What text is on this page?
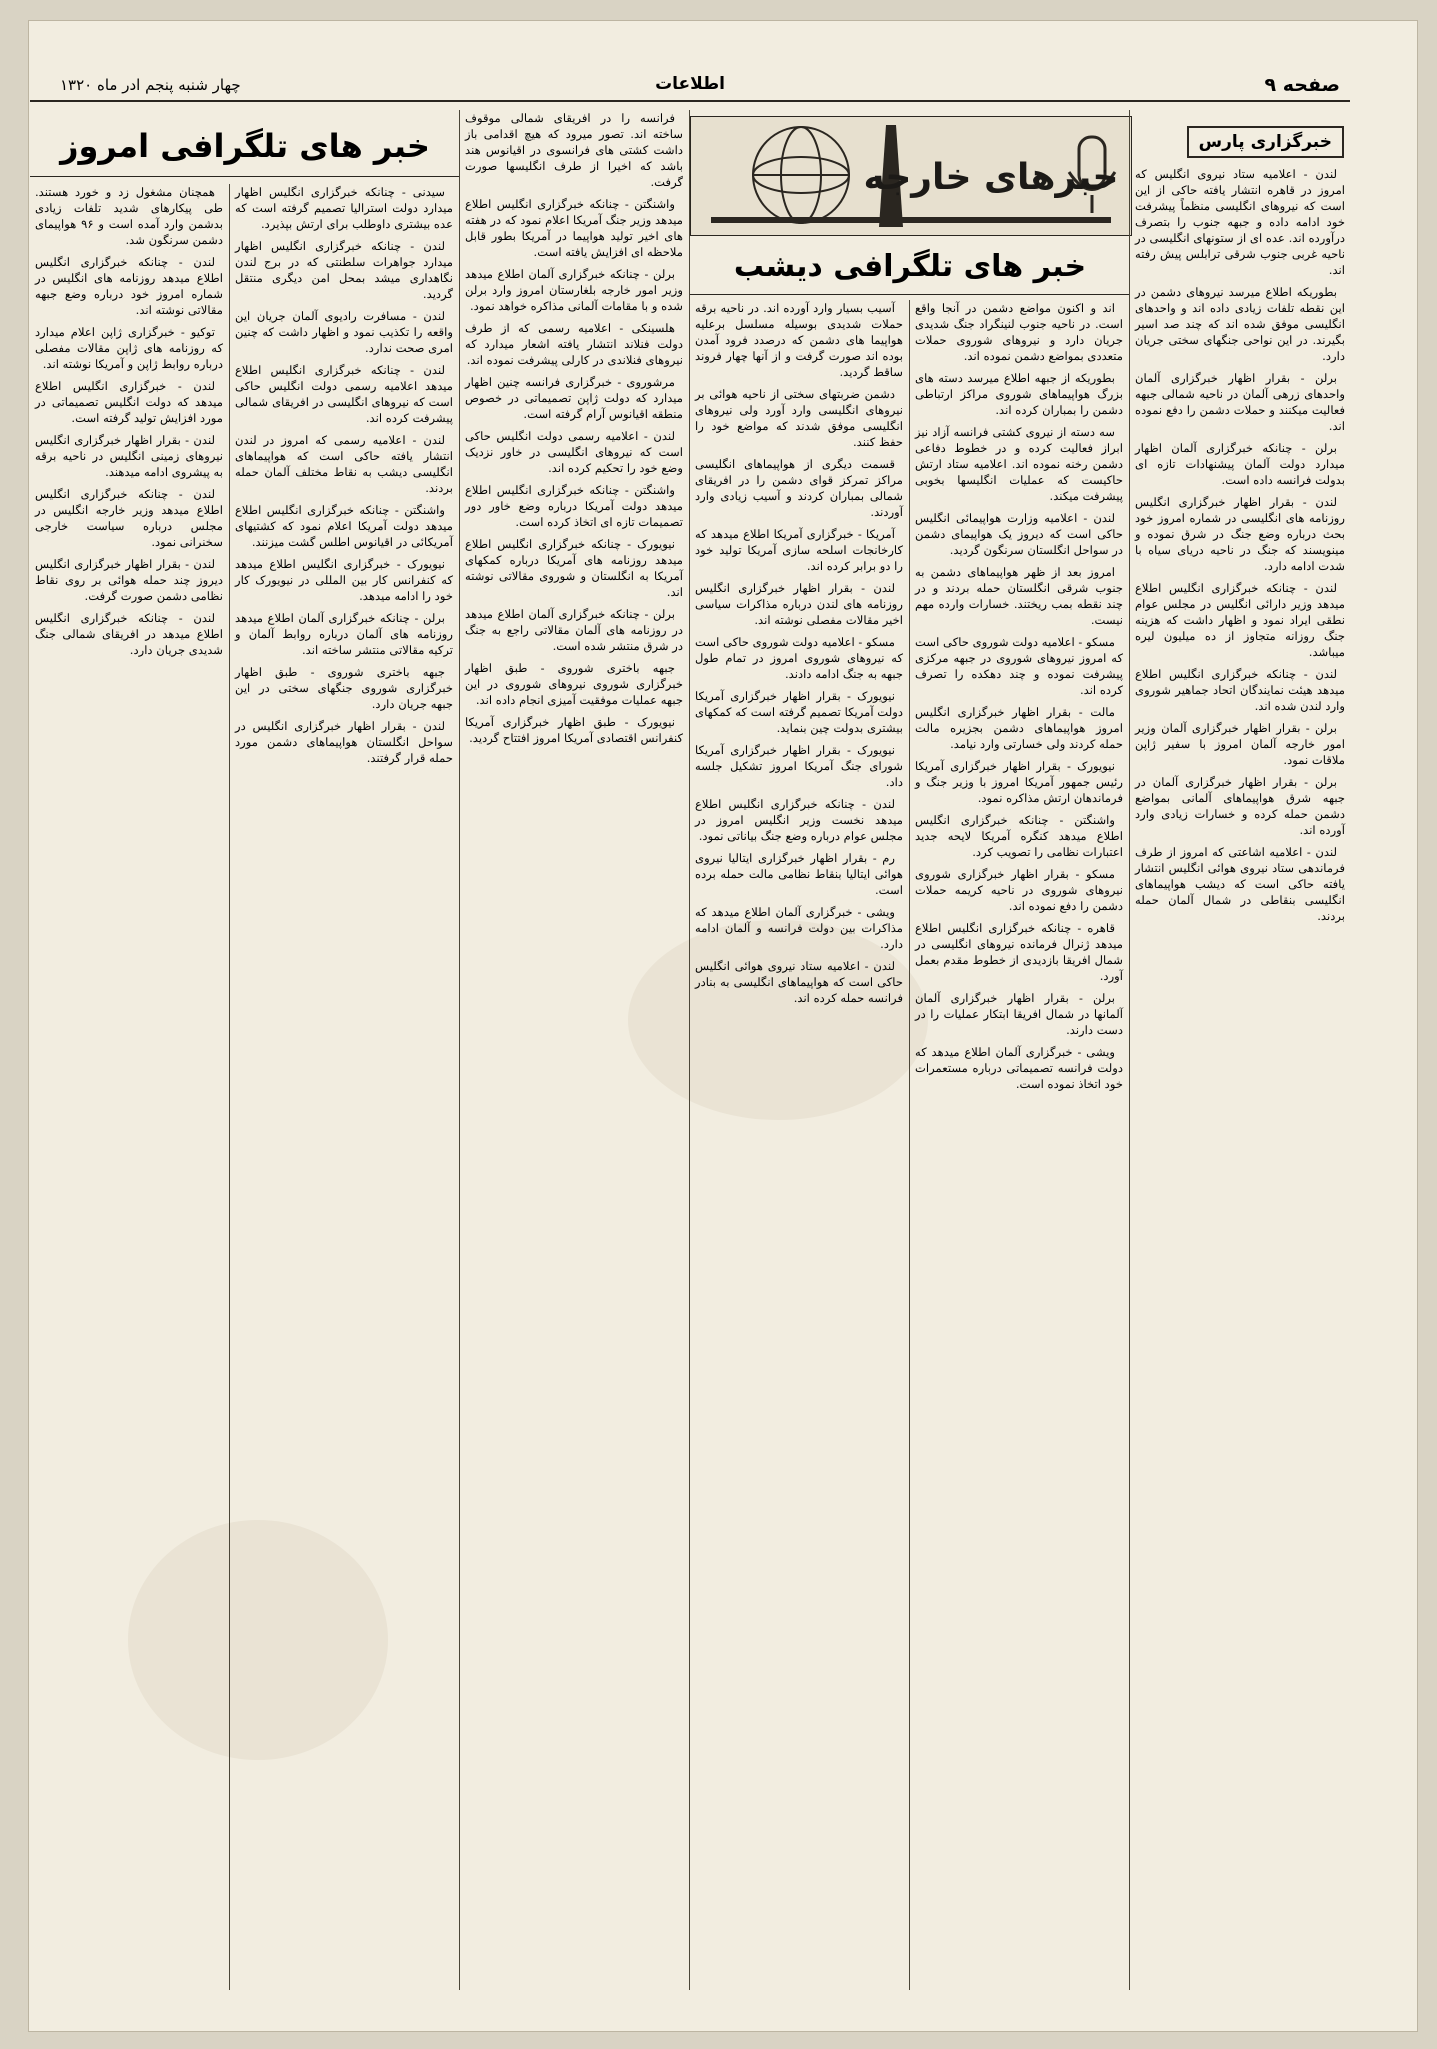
صفحه ۹
اطلاعات
چهار شنبه پنجم ادر ماه ۱۳۲۰
خبرگزاری پارس
خبرهای خارجه
خبر های تلگرافی دیشب
خبر های تلگرافی امروز

لندن - اعلامیه ستاد نیروی انگلیس که امروز در قاهره انتشار یافته حاکی از این است که نیروهای انگلیسی منظماً پیشرفت خود ادامه داده و جبهه جنوب را بتصرف درآورده اند. عده ای از ستونهای انگلیسی در ناحیه غربی جنوب شرقی ترابلس پیش رفته اند.

بطوریکه اطلاع میرسد نیروهای دشمن در این نقطه تلفات زیادی داده اند و واحدهای انگلیسی موفق شده اند که چند صد اسیر بگیرند. در این نواحی جنگهای سختی جریان دارد.

برلن - بقرار اظهار خبرگزاری آلمان واحدهای زرهی آلمان در ناحیه شمالی جبهه فعالیت میکنند و حملات دشمن را دفع نموده اند.

برلن - چنانکه خبرگزاری آلمان اظهار میدارد دولت آلمان پیشنهادات تازه ای بدولت فرانسه داده است.

لندن - بقرار اظهار خبرگزاری انگلیس روزنامه های انگلیسی در شماره امروز خود بحث درباره وضع جنگ در شرق نموده و مینویسند که جنگ در ناحیه دریای سیاه با شدت ادامه دارد.

لندن - چنانکه خبرگزاری انگلیس اطلاع میدهد وزیر دارائی انگلیس در مجلس عوام نطقی ایراد نمود و اظهار داشت که هزینه جنگ روزانه متجاوز از ده میلیون لیره میباشد.

لندن - چنانکه خبرگزاری انگلیس اطلاع میدهد هیئت نمایندگان اتحاد جماهیر شوروی وارد لندن شده اند.

برلن - بقرار اظهار خبرگزاری آلمان وزیر امور خارجه آلمان امروز با سفیر ژاپن ملاقات نمود.

برلن - بقرار اظهار خبرگزاری آلمان در جبهه شرق هواپیماهای آلمانی بمواضع دشمن حمله کرده و خسارات زیادی وارد آورده اند.

لندن - اعلامیه اشاعتی که امروز از طرف فرماندهی ستاد نیروی هوائی انگلیس انتشار یافته حاکی است که دیشب هواپیماهای انگلیسی بنقاطی در شمال آلمان حمله بردند.

اند و اکنون مواضع دشمن در آنجا واقع است. در ناحیه جنوب لنینگراد جنگ شدیدی جریان دارد و نیروهای شوروی حملات متعددی بمواضع دشمن نموده اند.

بطوریکه از جبهه اطلاع میرسد دسته های بزرگ هواپیماهای شوروی مراکز ارتباطی دشمن را بمباران کرده اند.

سه دسته از نیروی کشتی فرانسه آزاد نیز ابراز فعالیت کرده و در خطوط دفاعی دشمن رخنه نموده اند. اعلامیه ستاد ارتش حاکیست که عملیات انگلیسها بخوبی پیشرفت میکند.

لندن - اعلامیه وزارت هواپیمائی انگلیس حاکی است که دیروز یک هواپیمای دشمن در سواحل انگلستان سرنگون گردید.

امروز بعد از ظهر هواپیماهای دشمن به جنوب شرقی انگلستان حمله بردند و در چند نقطه بمب ریختند. خسارات وارده مهم نیست.

مسکو - اعلامیه دولت شوروی حاکی است که امروز نیروهای شوروی در جبهه مرکزی پیشرفت نموده و چند دهکده را تصرف کرده اند.

مالت - بقرار اظهار خبرگزاری انگلیس امروز هواپیماهای دشمن بجزیره مالت حمله کردند ولی خسارتی وارد نیامد.

نیویورک - بقرار اظهار خبرگزاری آمریکا رئیس جمهور آمریکا امروز با وزیر جنگ و فرماندهان ارتش مذاکره نمود.

واشنگتن - چنانکه خبرگزاری انگلیس اطلاع میدهد کنگره آمریکا لایحه جدید اعتبارات نظامی را تصویب کرد.

مسکو - بقرار اظهار خبرگزاری شوروی نیروهای شوروی در ناحیه کریمه حملات دشمن را دفع نموده اند.

قاهره - چنانکه خبرگزاری انگلیس اطلاع میدهد ژنرال فرمانده نیروهای انگلیسی در شمال افریقا بازدیدی از خطوط مقدم بعمل آورد.

برلن - بقرار اظهار خبرگزاری آلمان آلمانها در شمال افریقا ابتکار عملیات را در دست دارند.

ویشی - خبرگزاری آلمان اطلاع میدهد که دولت فرانسه تصمیماتی درباره مستعمرات خود اتخاذ نموده است.

آسیب بسیار وارد آورده اند. در ناحیه برقه حملات شدیدی بوسیله مسلسل برعلیه هواپیما های دشمن که درصدد فرود آمدن بوده اند صورت گرفت و از آنها چهار فروند ساقط گردید.

دشمن ضربتهای سختی از ناحیه هوائی بر نیروهای انگلیسی وارد آورد ولی نیروهای انگلیسی موفق شدند که مواضع خود را حفظ کنند.

قسمت دیگری از هواپیماهای انگلیسی مراکز تمرکز قوای دشمن را در افریقای شمالی بمباران کردند و آسیب زیادی وارد آوردند.

آمریکا - خبرگزاری آمریکا اطلاع میدهد که کارخانجات اسلحه سازی آمریکا تولید خود را دو برابر کرده اند.

لندن - بقرار اظهار خبرگزاری انگلیس روزنامه های لندن درباره مذاکرات سیاسی اخیر مقالات مفصلی نوشته اند.

مسکو - اعلامیه دولت شوروی حاکی است که نیروهای شوروی امروز در تمام طول جبهه به جنگ ادامه دادند.

نیویورک - بقرار اظهار خبرگزاری آمریکا دولت آمریکا تصمیم گرفته است که کمکهای بیشتری بدولت چین بنماید.

نیویورک - بقرار اظهار خبرگزاری آمریکا شورای جنگ آمریکا امروز تشکیل جلسه داد.

لندن - چنانکه خبرگزاری انگلیس اطلاع میدهد نخست وزیر انگلیس امروز در مجلس عوام درباره وضع جنگ بیاناتی نمود.

رم - بقرار اظهار خبرگزاری ایتالیا نیروی هوائی ایتالیا بنقاط نظامی مالت حمله برده است.

ویشی - خبرگزاری آلمان اطلاع میدهد که مذاکرات بین دولت فرانسه و آلمان ادامه دارد.

لندن - اعلامیه ستاد نیروی هوائی انگلیس حاکی است که هواپیماهای انگلیسی به بنادر فرانسه حمله کرده اند.

فرانسه را در افریقای شمالی موقوف ساخته اند. تصور میرود که هیچ اقدامی باز داشت کشتی های فرانسوی در اقیانوس هند باشد که اخیرا از طرف انگلیسها صورت گرفت.

واشنگتن - چنانکه خبرگزاری انگلیس اطلاع میدهد وزیر جنگ آمریکا اعلام نمود که در هفته های اخیر تولید هواپیما در آمریکا بطور قابل ملاحظه ای افزایش یافته است.

برلن - چنانکه خبرگزاری آلمان اطلاع میدهد وزیر امور خارجه بلغارستان امروز وارد برلن شده و با مقامات آلمانی مذاکره خواهد نمود.

هلسینکی - اعلامیه رسمی که از طرف دولت فنلاند انتشار یافته اشعار میدارد که نیروهای فنلاندی در کارلی پیشرفت نموده اند.

مرشوروی - خبرگزاری فرانسه چنین اظهار میدارد که دولت ژاپن تصمیماتی در خصوص منطقه اقیانوس آرام گرفته است.

لندن - اعلامیه رسمی دولت انگلیس حاکی است که نیروهای انگلیسی در خاور نزدیک وضع خود را تحکیم کرده اند.

واشنگتن - چنانکه خبرگزاری انگلیس اطلاع میدهد دولت آمریکا درباره وضع خاور دور تصمیمات تازه ای اتخاذ کرده است.

نیویورک - چنانکه خبرگزاری انگلیس اطلاع میدهد روزنامه های آمریکا درباره کمکهای آمریکا به انگلستان و شوروی مقالاتی نوشته اند.

برلن - چنانکه خبرگزاری آلمان اطلاع میدهد در روزنامه های آلمان مقالاتی راجع به جنگ در شرق منتشر شده است.

جبهه باختری شوروی - طبق اظهار خبرگزاری شوروی نیروهای شوروی در این جبهه عملیات موفقیت آمیزی انجام داده اند.

نیویورک - طبق اظهار خبرگزاری آمریکا کنفرانس اقتصادی آمریکا امروز افتتاح گردید.

سیدنی - چنانکه خبرگزاری انگلیس اظهار میدارد دولت استرالیا تصمیم گرفته است که عده بیشتری داوطلب برای ارتش بپذیرد.

لندن - چنانکه خبرگزاری انگلیس اظهار میدارد جواهرات سلطنتی که در برج لندن نگاهداری میشد بمحل امن دیگری منتقل گردید.

لندن - مسافرت رادیوی آلمان جریان این واقعه را تکذیب نمود و اظهار داشت که چنین امری صحت ندارد.

لندن - چنانکه خبرگزاری انگلیس اطلاع میدهد اعلامیه رسمی دولت انگلیس حاکی است که نیروهای انگلیسی در افریقای شمالی پیشرفت کرده اند.

لندن - اعلامیه رسمی که امروز در لندن انتشار یافته حاکی است که هواپیماهای انگلیسی دیشب به نقاط مختلف آلمان حمله بردند.

واشنگتن - چنانکه خبرگزاری انگلیس اطلاع میدهد دولت آمریکا اعلام نمود که کشتیهای آمریکائی در اقیانوس اطلس گشت میزنند.

نیویورک - خبرگزاری انگلیس اطلاع میدهد که کنفرانس کار بین المللی در نیویورک کار خود را ادامه میدهد.

برلن - چنانکه خبرگزاری آلمان اطلاع میدهد روزنامه های آلمان درباره روابط آلمان و ترکیه مقالاتی منتشر ساخته اند.

جبهه باختری شوروی - طبق اظهار خبرگزاری شوروی جنگهای سختی در این جبهه جریان دارد.

لندن - بقرار اظهار خبرگزاری انگلیس در سواحل انگلستان هواپیماهای دشمن مورد حمله قرار گرفتند.

همچنان مشغول زد و خورد هستند. طی پیکارهای شدید تلفات زیادی بدشمن وارد آمده است و ۹۶ هواپیمای دشمن سرنگون شد.

لندن - چنانکه خبرگزاری انگلیس اطلاع میدهد روزنامه های انگلیس در شماره امروز خود درباره وضع جبهه مقالاتی نوشته اند.

توکیو - خبرگزاری ژاپن اعلام میدارد که روزنامه های ژاپن مقالات مفصلی درباره روابط ژاپن و آمریکا نوشته اند.

لندن - خبرگزاری انگلیس اطلاع میدهد که دولت انگلیس تصمیماتی در مورد افزایش تولید گرفته است.

لندن - بقرار اظهار خبرگزاری انگلیس نیروهای زمینی انگلیس در ناحیه برقه به پیشروی ادامه میدهند.

لندن - چنانکه خبرگزاری انگلیس اطلاع میدهد وزیر خارجه انگلیس در مجلس درباره سیاست خارجی سخنرانی نمود.

لندن - بقرار اظهار خبرگزاری انگلیس دیروز چند حمله هوائی بر روی نقاط نظامی دشمن صورت گرفت.

لندن - چنانکه خبرگزاری انگلیس اطلاع میدهد در افریقای شمالی جنگ شدیدی جریان دارد.
